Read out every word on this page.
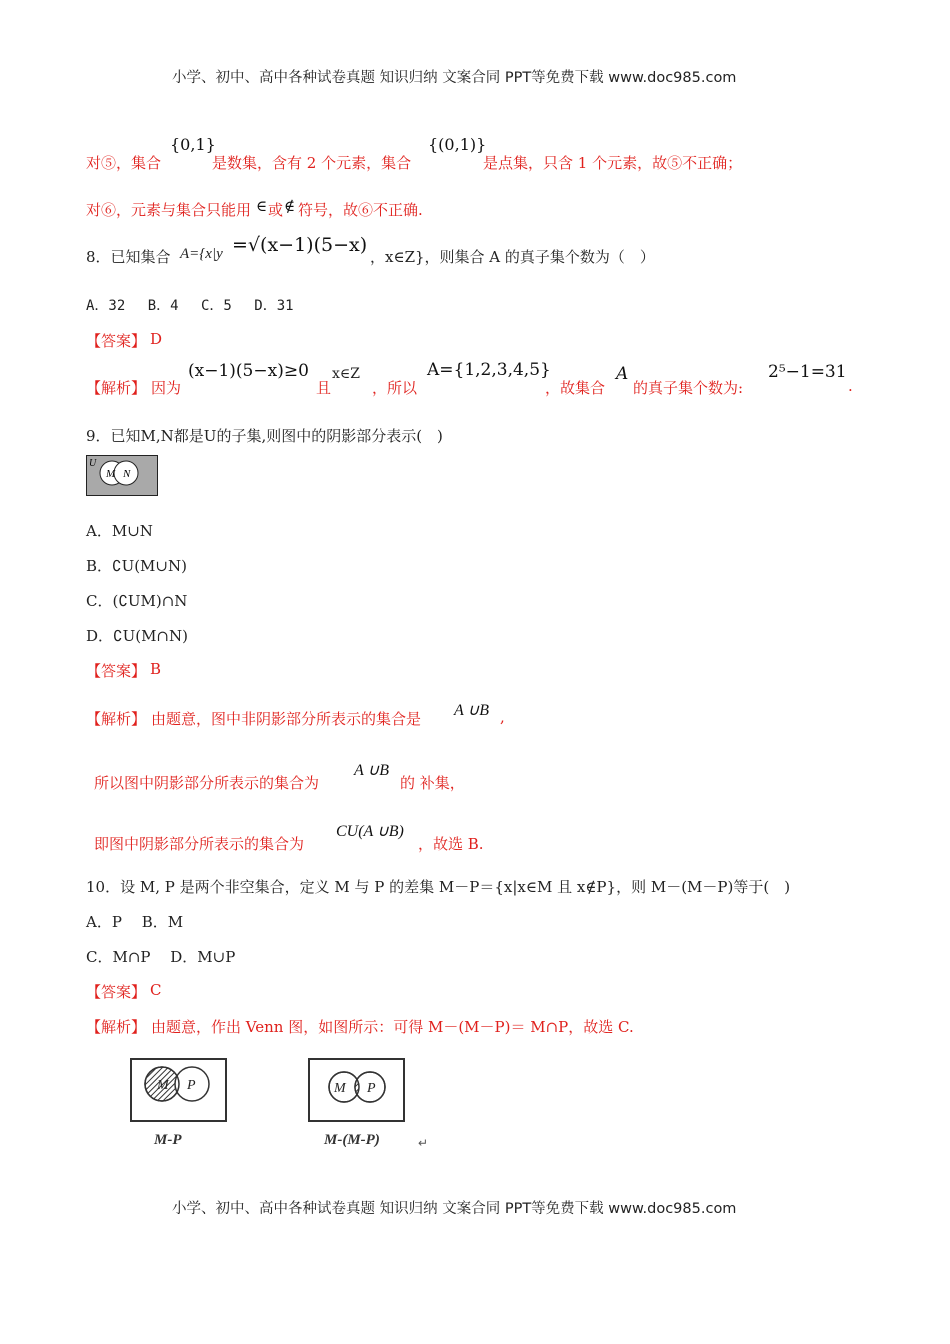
小学、初中、高中各种试卷真题 知识归纳 文案合同 PPT等免费下载 www.doc985.com
对⑤，集合
{0,1}
是数集，含有 2 个元素，集合
{(0,1)}
是点集，只含 1 个元素，故⑤不正确；
对⑥，元素与集合只能用 ∈ 或 ∉ 符号，故⑥不正确.
8．已知集合 A={x|y =√(x−1)(5−x)
，x∈Z}，则集合 A 的真子集个数为（　）
A．32　 B．4　 C．5　 D．31
【答案】 D
【解析】 因为
(x−1)(5−x)≥0
且
x∈Z
，所以
A={1,2,3,4,5}
，故集合
A
的真子集个数为:
2⁵−1=31
.
9．已知M,N都是U的子集,则图中的阴影部分表示(　)
U
M N
A．M∪N
B．∁U(M∪N)
C．(∁UM)∩N
D．∁U(M∩N)
【答案】 B
【解析】 由题意，图中非阴影部分所表示的集合是 A ∪B ,
所以图中阴影部分所表示的集合为
A ∪B
的 补集，
即图中阴影部分所表示的集合为
CU(A ∪B)
，故选 B.
10．设 M, P 是两个非空集合，定义 M 与 P 的差集 M－P＝{x|x∈M 且 x∉P}，则 M－(M－P)等于(　)
A．P　 B．M
C．M∩P　 D．M∪P
【答案】 C
【解析】 由题意，作出 Venn 图，如图所示：可得 M－(M－P)＝ M∩P，故选 C.
M P
M-P
M P
M-(M-P)	↵
小学、初中、高中各种试卷真题 知识归纳 文案合同 PPT等免费下载 www.doc985.com
